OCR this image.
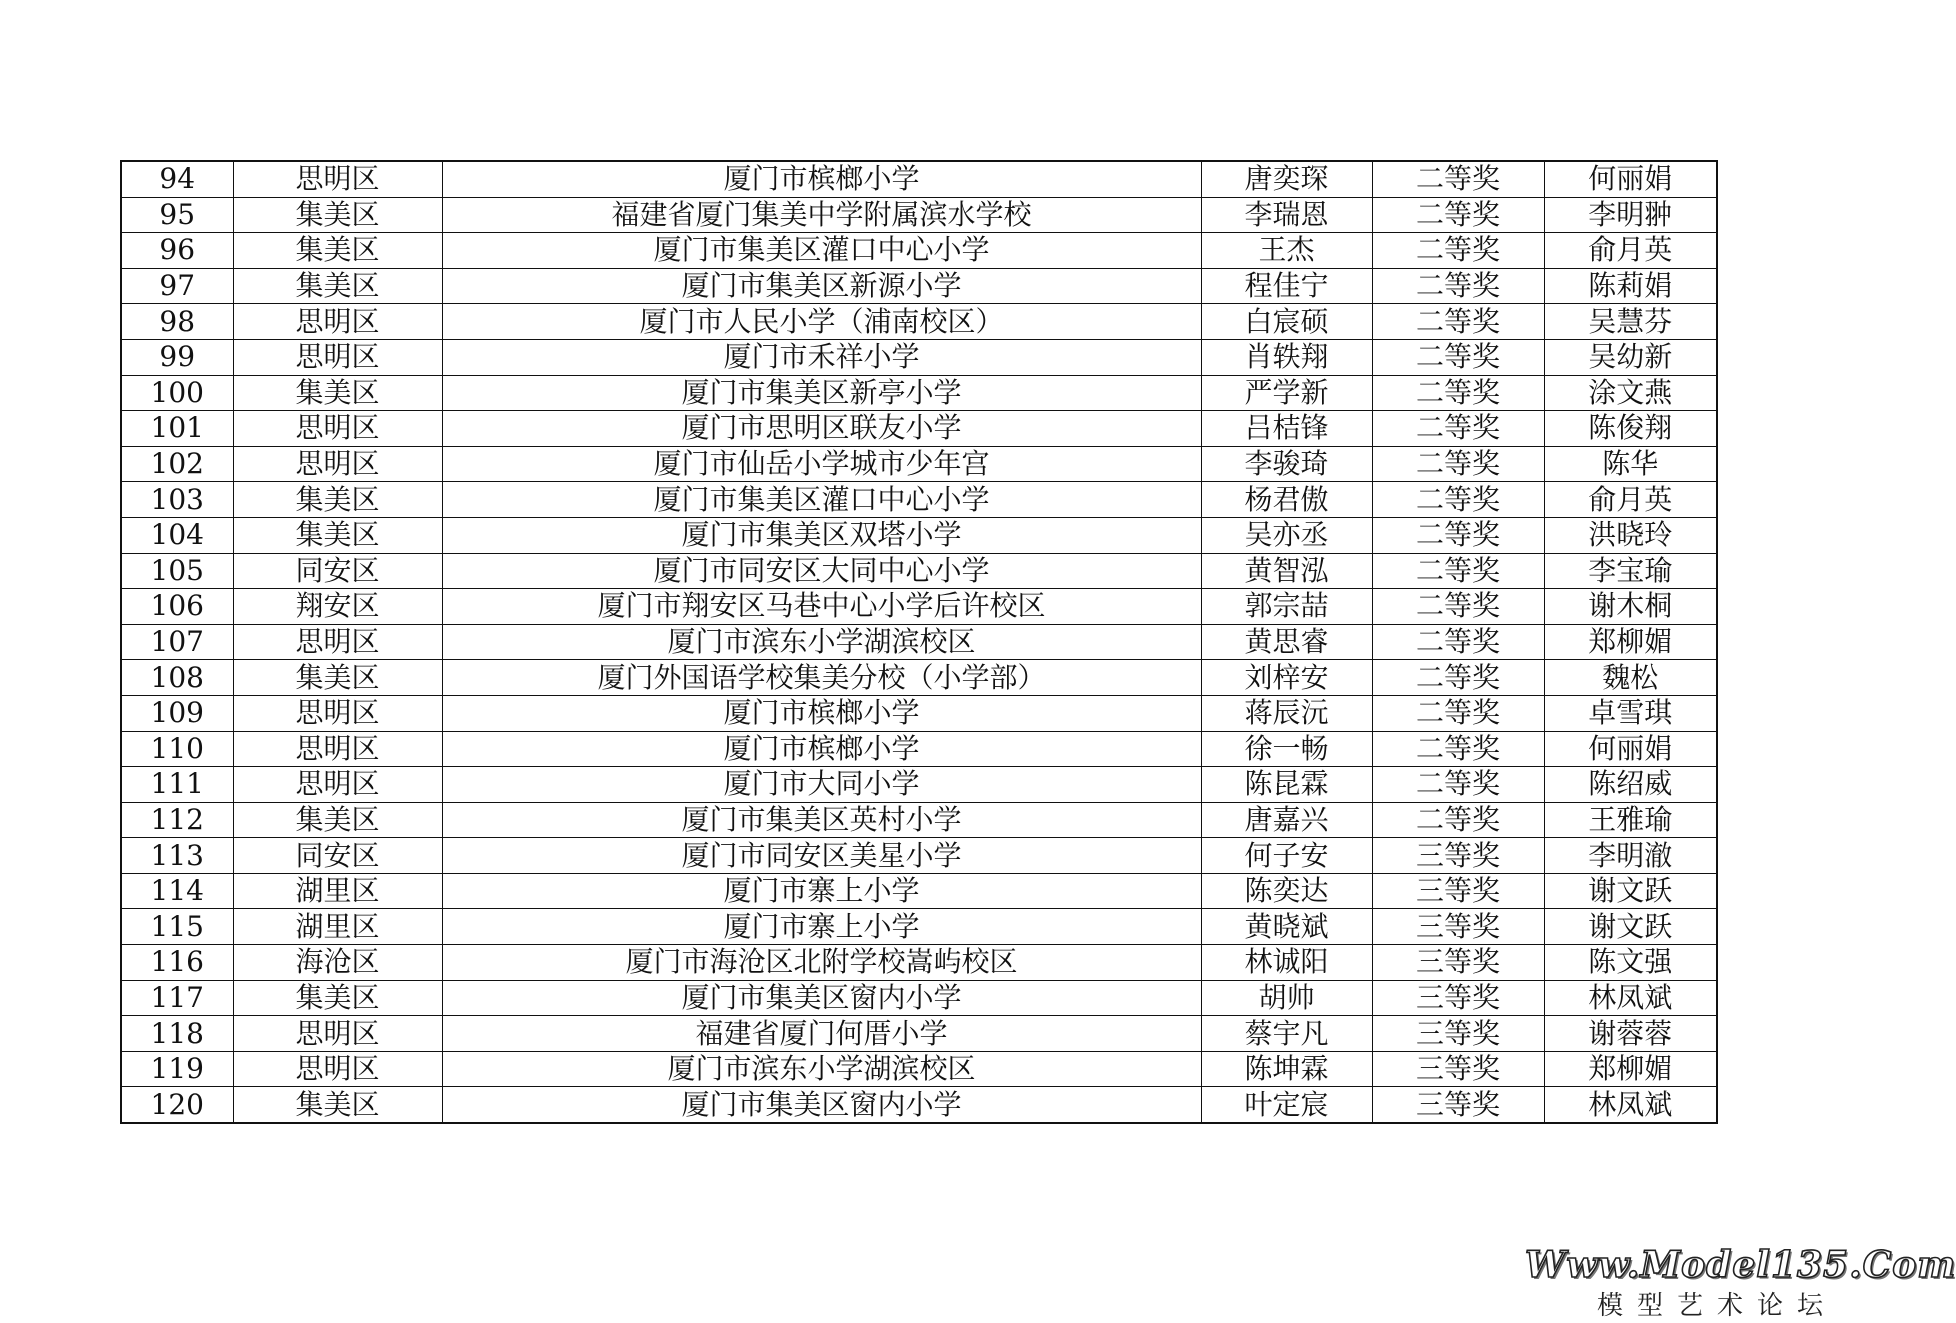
94	思明区	厦门市槟榔小学	唐奕琛	二等奖	何丽娟
95	集美区	福建省厦门集美中学附属滨水学校	李瑞恩	二等奖	李明翀
96	集美区	厦门市集美区灌口中心小学	王杰	二等奖	俞月英
97	集美区	厦门市集美区新源小学	程佳宁	二等奖	陈莉娟
98	思明区	厦门市人民小学（浦南校区）	白宸硕	二等奖	吴慧芬
99	思明区	厦门市禾祥小学	肖轶翔	二等奖	吴幼新
100	集美区	厦门市集美区新亭小学	严学新	二等奖	涂文燕
101	思明区	厦门市思明区联友小学	吕桔锋	二等奖	陈俊翔
102	思明区	厦门市仙岳小学城市少年宫	李骏琦	二等奖	陈华
103	集美区	厦门市集美区灌口中心小学	杨君傲	二等奖	俞月英
104	集美区	厦门市集美区双塔小学	吴亦丞	二等奖	洪晓玲
105	同安区	厦门市同安区大同中心小学	黄智泓	二等奖	李宝瑜
106	翔安区	厦门市翔安区马巷中心小学后许校区	郭宗喆	二等奖	谢木桐
107	思明区	厦门市滨东小学湖滨校区	黄思睿	二等奖	郑柳媚
108	集美区	厦门外国语学校集美分校（小学部）	刘梓安	二等奖	魏松
109	思明区	厦门市槟榔小学	蒋辰沅	二等奖	卓雪琪
110	思明区	厦门市槟榔小学	徐一畅	二等奖	何丽娟
111	思明区	厦门市大同小学	陈昆霖	二等奖	陈绍威
112	集美区	厦门市集美区英村小学	唐嘉兴	二等奖	王雅瑜
113	同安区	厦门市同安区美星小学	何子安	三等奖	李明澈
114	湖里区	厦门市寨上小学	陈奕达	三等奖	谢文跃
115	湖里区	厦门市寨上小学	黄晓斌	三等奖	谢文跃
116	海沧区	厦门市海沧区北附学校嵩屿校区	林诚阳	三等奖	陈文强
117	集美区	厦门市集美区窗内小学	胡帅	三等奖	林凤斌
118	思明区	福建省厦门何厝小学	蔡宇凡	三等奖	谢蓉蓉
119	思明区	厦门市滨东小学湖滨校区	陈坤霖	三等奖	郑柳媚
120	集美区	厦门市集美区窗内小学	叶定宸	三等奖	林凤斌
Www.Model135.Com
模型艺术论坛
